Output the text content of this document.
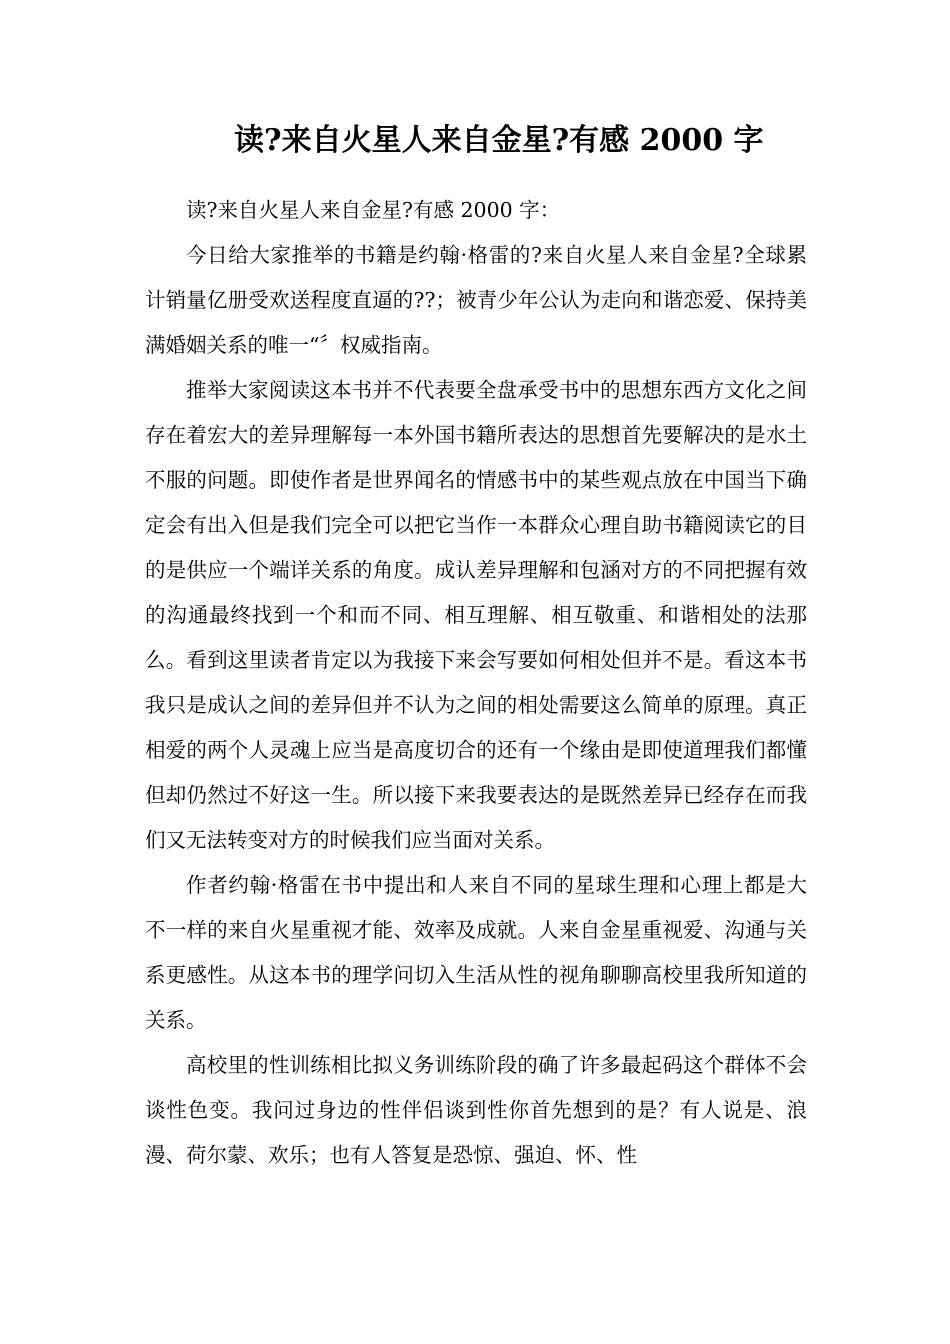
读?来自火星人来自金星?有感 2000 字

读?来自火星人来自金星?有感 2000 字：

今日给大家推举的书籍是约翰·格雷的?来自火星人来自金星?全球累计销量亿册受欢送程度直逼的??；被青少年公认为走向和谐恋爱、保持美满婚姻关系的唯一“〞权威指南。

推举大家阅读这本书并不代表要全盘承受书中的思想东西方文化之间存在着宏大的差异理解每一本外国书籍所表达的思想首先要解决的是水土不服的问题。即使作者是世界闻名的情感书中的某些观点放在中国当下确定会有出入但是我们完全可以把它当作一本群众心理自助书籍阅读它的目的是供应一个端详关系的角度。成认差异理解和包涵对方的不同把握有效的沟通最终找到一个和而不同、相互理解、相互敬重、和谐相处的法那么。看到这里读者肯定以为我接下来会写要如何相处但并不是。看这本书我只是成认之间的差异但并不认为之间的相处需要这么简单的原理。真正相爱的两个人灵魂上应当是高度切合的还有一个缘由是即使道理我们都懂但却仍然过不好这一生。所以接下来我要表达的是既然差异已经存在而我们又无法转变对方的时候我们应当面对关系。

作者约翰·格雷在书中提出和人来自不同的星球生理和心理上都是大不一样的来自火星重视才能、效率及成就。人来自金星重视爱、沟通与关系更感性。从这本书的理学问切入生活从性的视角聊聊高校里我所知道的关系。

高校里的性训练相比拟义务训练阶段的确了许多最起码这个群体不会谈性色变。我问过身边的性伴侣谈到性你首先想到的是？有人说是、浪漫、荷尔蒙、欢乐；也有人答复是恐惊、强迫、怀、性
